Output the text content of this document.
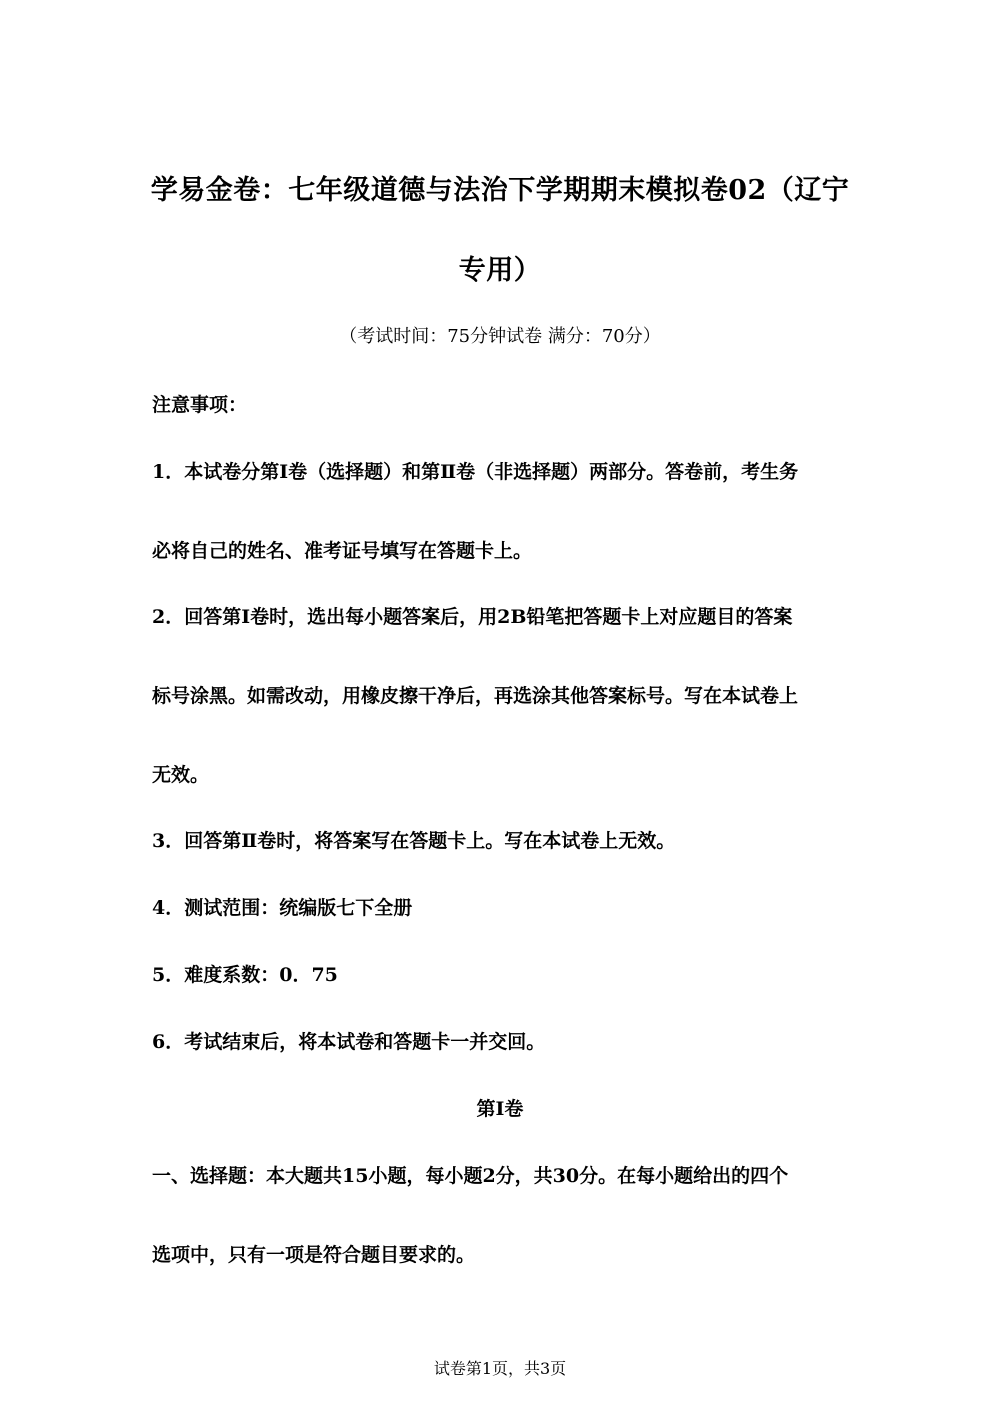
学易金卷：七年级道德与法治下学期期末模拟卷02（辽宁
专用）
（考试时间：75分钟试卷 满分：70分）
注意事项：
1．本试卷分第Ⅰ卷（选择题）和第Ⅱ卷（非选择题）两部分。答卷前，考生务
必将自己的姓名、准考证号填写在答题卡上。
2．回答第Ⅰ卷时，选出每小题答案后，用2B铅笔把答题卡上对应题目的答案
标号涂黑。如需改动，用橡皮擦干净后，再选涂其他答案标号。写在本试卷上
无效。
3．回答第Ⅱ卷时，将答案写在答题卡上。写在本试卷上无效。
4．测试范围：统编版七下全册
5．难度系数：0．75
6．考试结束后，将本试卷和答题卡一并交回。
第Ⅰ卷
一、选择题：本大题共15小题，每小题2分，共30分。在每小题给出的四个
选项中，只有一项是符合题目要求的。
试卷第1页，共3页
